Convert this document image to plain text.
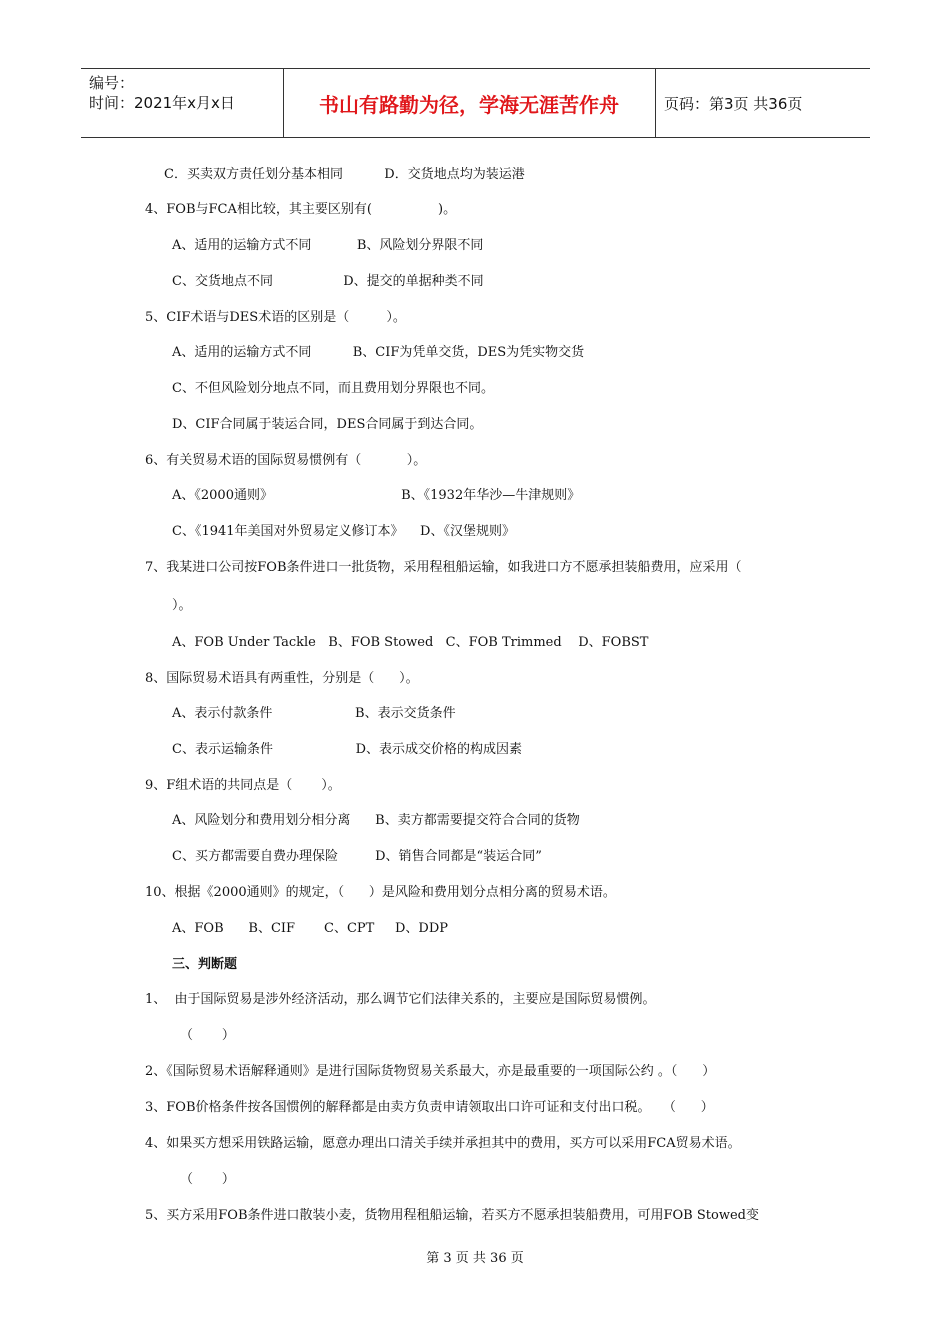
编号：
时间：2021年x月x日	书山有路勤为径，学海无涯苦作舟	页码：第3页 共36页
C．买卖双方责任划分基本相同          D．交货地点均为装运港
4、FOB与FCA相比较，其主要区别有(                )。
A、适用的运输方式不同           B、风险划分界限不同
C、交货地点不同                 D、提交的单据种类不同
5、CIF术语与DES术语的区别是（         ）。
A、适用的运输方式不同          B、CIF为凭单交货，DES为凭实物交货
C、不但风险划分地点不同，而且费用划分界限也不同。
D、CIF合同属于装运合同，DES合同属于到达合同。
6、有关贸易术语的国际贸易惯例有（           ）。
A、《2000通则》                               B、《1932年华沙—牛津规则》
C、《1941年美国对外贸易定义修订本》    D、《汉堡规则》
7、我某进口公司按FOB条件进口一批货物，采用程租船运输，如我进口方不愿承担装船费用，应采用（
）。
A、FOB Under Tackle   B、FOB Stowed   C、FOB Trimmed    D、FOBST
8、国际贸易术语具有两重性，分别是（      ）。
A、表示付款条件                    B、表示交货条件
C、表示运输条件                    D、表示成交价格的构成因素
9、F组术语的共同点是（       ）。
A、风险划分和费用划分相分离      B、卖方都需要提交符合合同的货物
C、买方都需要自费办理保险         D、销售合同都是“装运合同”
10、根据《2000通则》的规定，（      ）是风险和费用划分点相分离的贸易术语。
A、FOB      B、CIF       C、CPT     D、DDP
三、判断题
1、  由于国际贸易是涉外经济活动，那么调节它们法律关系的，主要应是国际贸易惯例。
（       ）
2、《国际贸易术语解释通则》是进行国际货物贸易关系最大，亦是最重要的一项国际公约 。（      ）
3、FOB价格条件按各国惯例的解释都是由卖方负责申请领取出口许可证和支付出口税。   （      ）
4、如果买方想采用铁路运输，愿意办理出口清关手续并承担其中的费用，买方可以采用FCA贸易术语。
（       ）
5、买方采用FOB条件进口散装小麦，货物用程租船运输，若买方不愿承担装船费用，可用FOB Stowed变
第 3 页 共 36 页
